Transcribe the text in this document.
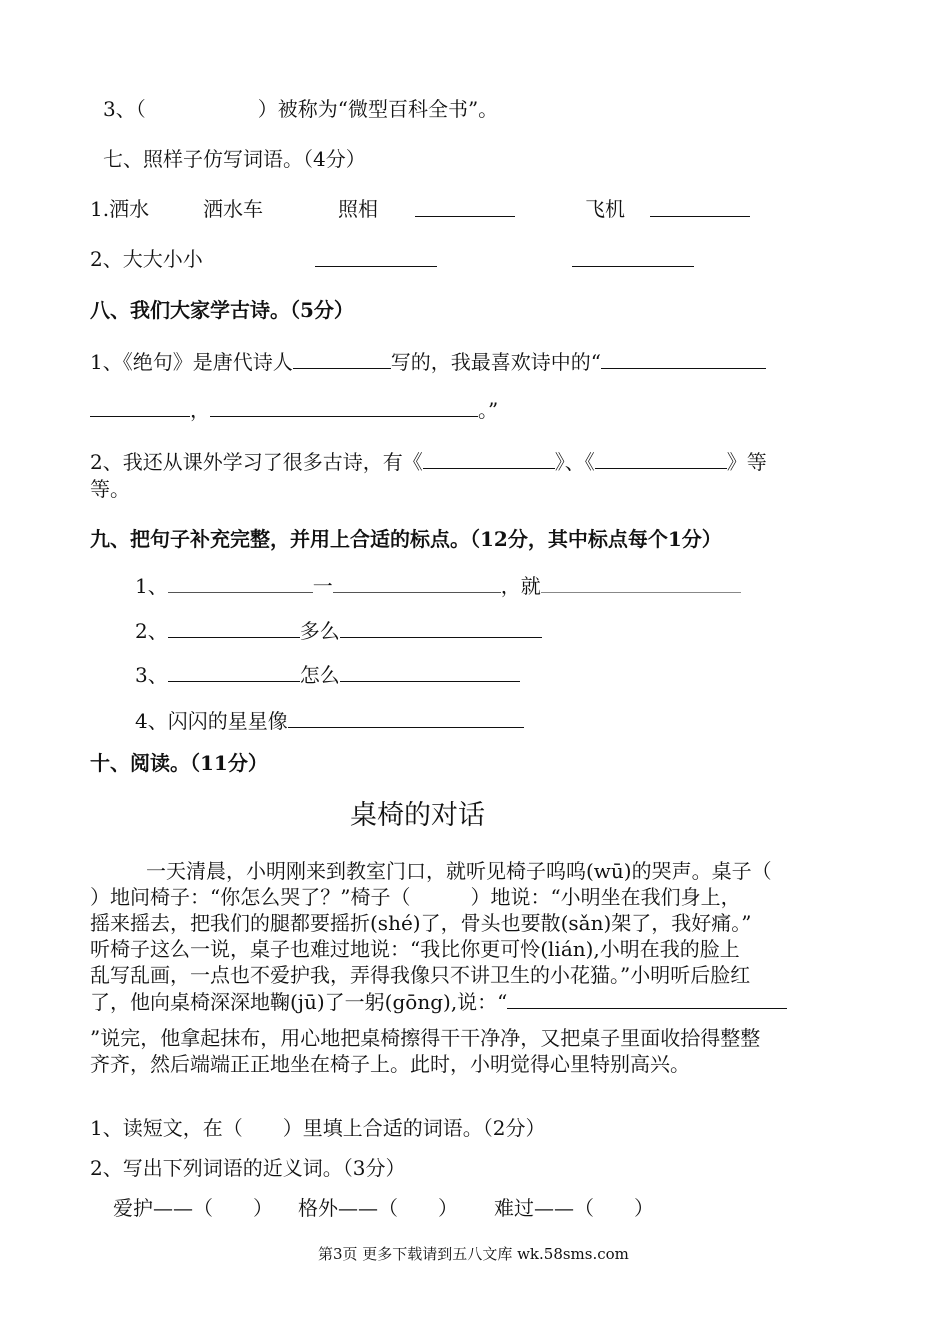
3、（	）被称为“微型百科全书”。
七、照样子仿写词语。（4分）
1.洒水	洒水车	照相	飞机
2、大大小小
八、我们大家学古诗。（5分）
1、《绝句》是唐代诗人	写的，我最喜欢诗中的“
，	。”
2、我还从课外学习了很多古诗，有《	》、《	》等
等。
九、把句子补充完整，并用上合适的标点。（12分，其中标点每个1分）
1、	一	，就
2、	多么
3、	怎么
4、闪闪的星星像
十、阅读。（11分）
桌椅的对话
一天清晨，小明刚来到教室门口，就听见椅子呜呜(wū)的哭声。桌子（
）地问椅子：“你怎么哭了？”椅子（　　　）地说：“小明坐在我们身上，
摇来摇去，把我们的腿都要摇折(shé)了，骨头也要散(sǎn)架了，我好痛。”
听椅子这么一说，桌子也难过地说：“我比你更可怜(lián),小明在我的脸上
乱写乱画，一点也不爱护我，弄得我像只不讲卫生的小花猫。”小明听后脸红
了，他向桌椅深深地鞠(jū)了一躬(gōng),说：“
”说完，他拿起抹布，用心地把桌椅擦得干干净净，又把桌子里面收拾得整整
齐齐，然后端端正正地坐在椅子上。此时，小明觉得心里特别高兴。
1、读短文，在（　　）里填上合适的词语。（2分）
2、写出下列词语的近义词。（3分）
爱护——（　　） 格外——（　　） 难过——（　　）
第3页 更多下载请到五八文库 wk.58sms.com
